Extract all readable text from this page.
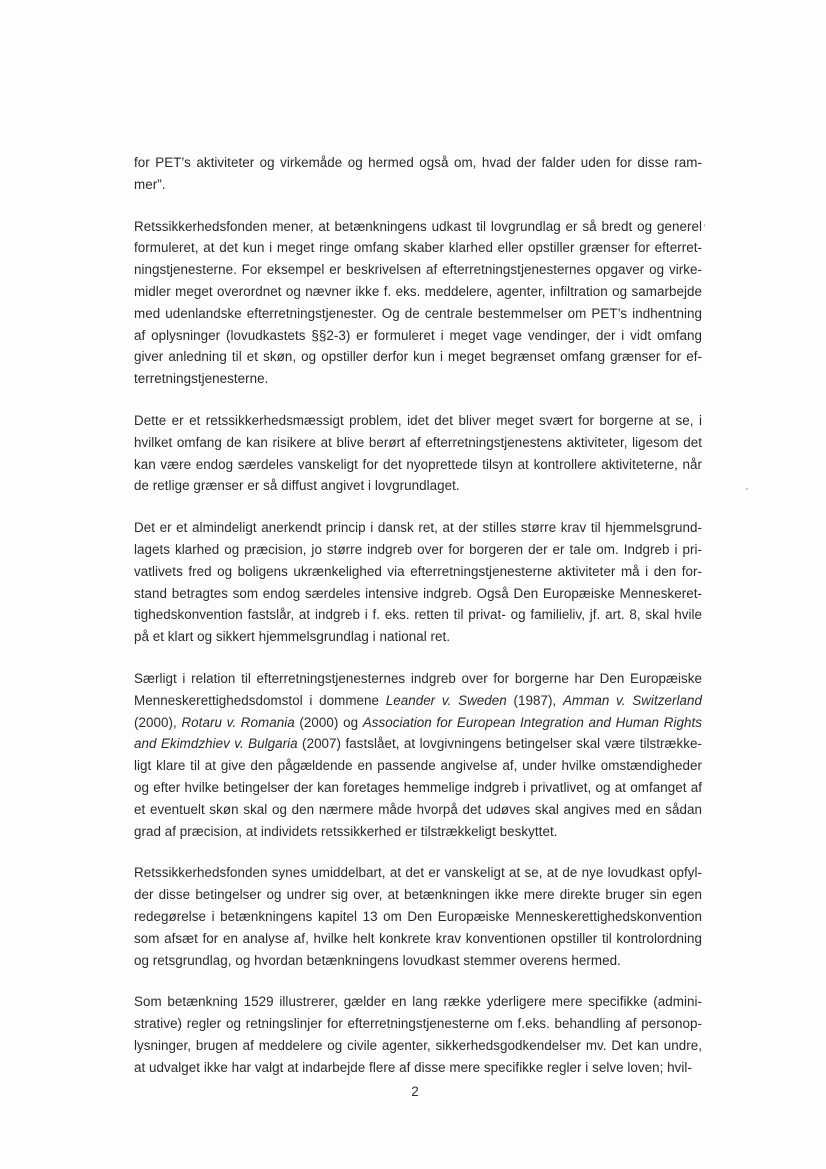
for PET’s aktiviteter og virkemåde og hermed også om, hvad der falder uden for disse ram-mer”.

Retssikkerhedsfonden mener, at betænkningens udkast til lovgrundlag er så bredt og generel formuleret, at det kun i meget ringe omfang skaber klarhed eller opstiller grænser for efterret-ningstjenesterne. For eksempel er beskrivelsen af efterretningstjenesternes opgaver og virke-midler meget overordnet og nævner ikke f. eks. meddelere, agenter, infiltration og samarbejde med udenlandske efterretningstjenester. Og de centrale bestemmelser om PET’s indhentning af oplysninger (lovudkastets §§2-3) er formuleret i meget vage vendinger, der i vidt omfang giver anledning til et skøn, og opstiller derfor kun i meget begrænset omfang grænser for ef-terretningstjenesterne.

Dette er et retssikkerhedsmæssigt problem, idet det bliver meget svært for borgerne at se, i hvilket omfang de kan risikere at blive berørt af efterretningstjenestens aktiviteter, ligesom det kan være endog særdeles vanskeligt for det nyoprettede tilsyn at kontrollere aktiviteterne, når de retlige grænser er så diffust angivet i lovgrundlaget.

Det er et almindeligt anerkendt princip i dansk ret, at der stilles større krav til hjemmelsgrund-lagets klarhed og præcision, jo større indgreb over for borgeren der er tale om. Indgreb i pri-vatlivets fred og boligens ukrænkelighed via efterretningstjenesterne aktiviteter må i den for-stand betragtes som endog særdeles intensive indgreb. Også Den Europæiske Menneskeret-tighedskonvention fastslår, at indgreb i f. eks. retten til privat- og familieliv, jf. art. 8, skal hvile på et klart og sikkert hjemmelsgrundlag i national ret.

Særligt i relation til efterretningstjenesternes indgreb over for borgerne har Den Europæiske Menneskerettighedsdomstol i dommene Leander v. Sweden (1987), Amman v. Switzerland (2000), Rotaru v. Romania (2000) og Association for European Integration and Human Rights and Ekimdzhiev v. Bulgaria (2007) fastslået, at lovgivningens betingelser skal være tilstrække-ligt klare til at give den pågældende en passende angivelse af, under hvilke omstændigheder og efter hvilke betingelser der kan foretages hemmelige indgreb i privatlivet, og at omfanget af et eventuelt skøn skal og den nærmere måde hvorpå det udøves skal angives med en sådan grad af præcision, at individets retssikkerhed er tilstrækkeligt beskyttet.

Retssikkerhedsfonden synes umiddelbart, at det er vanskeligt at se, at de nye lovudkast opfyl-der disse betingelser og undrer sig over, at betænkningen ikke mere direkte bruger sin egen redegørelse i betænkningens kapitel 13 om Den Europæiske Menneskerettighedskonvention som afsæt for en analyse af, hvilke helt konkrete krav konventionen opstiller til kontrolordning og retsgrundlag, og hvordan betænkningens lovudkast stemmer overens hermed.

Som betænkning 1529 illustrerer, gælder en lang række yderligere mere specifikke (admini-strative) regler og retningslinjer for efterretningstjenesterne om f.eks. behandling af personop-lysninger, brugen af meddelere og civile agenter, sikkerhedsgodkendelser mv. Det kan undre, at udvalget ikke har valgt at indarbejde flere af disse mere specifikke regler i selve loven; hvil-

2
